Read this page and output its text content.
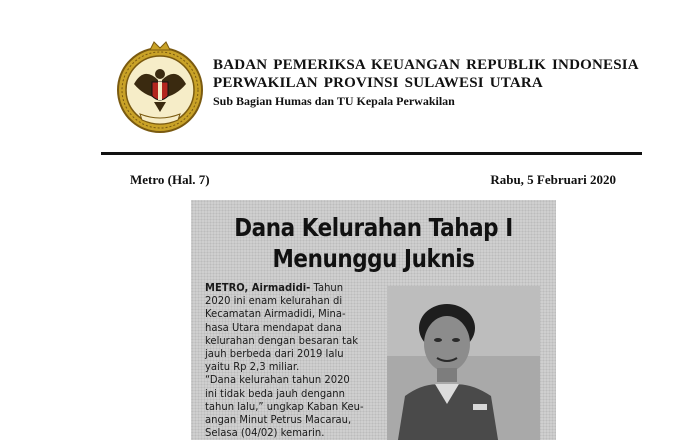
BADAN PEMERIKSA KEUANGAN REPUBLIK INDONESIA
PERWAKILAN PROVINSI SULAWESI UTARA
Sub Bagian Humas dan TU Kepala Perwakilan
Metro (Hal. 7)	Rabu, 5 Februari 2020
Dana Kelurahan Tahap I
Menunggu Juknis
METRO, Airmadidi- Tahun
2020 ini enam kelurahan di
Kecamatan Airmadidi, Mina-
hasa Utara mendapat dana
kelurahan dengan besaran tak
jauh berbeda dari 2019 lalu
yaitu Rp 2,3 miliar.
“Dana kelurahan tahun 2020
ini tidak beda jauh dengann
tahun lalu,” ungkap Kaban Keu-
angan Minut Petrus Macarau,
Selasa (04/02) kemarin.
